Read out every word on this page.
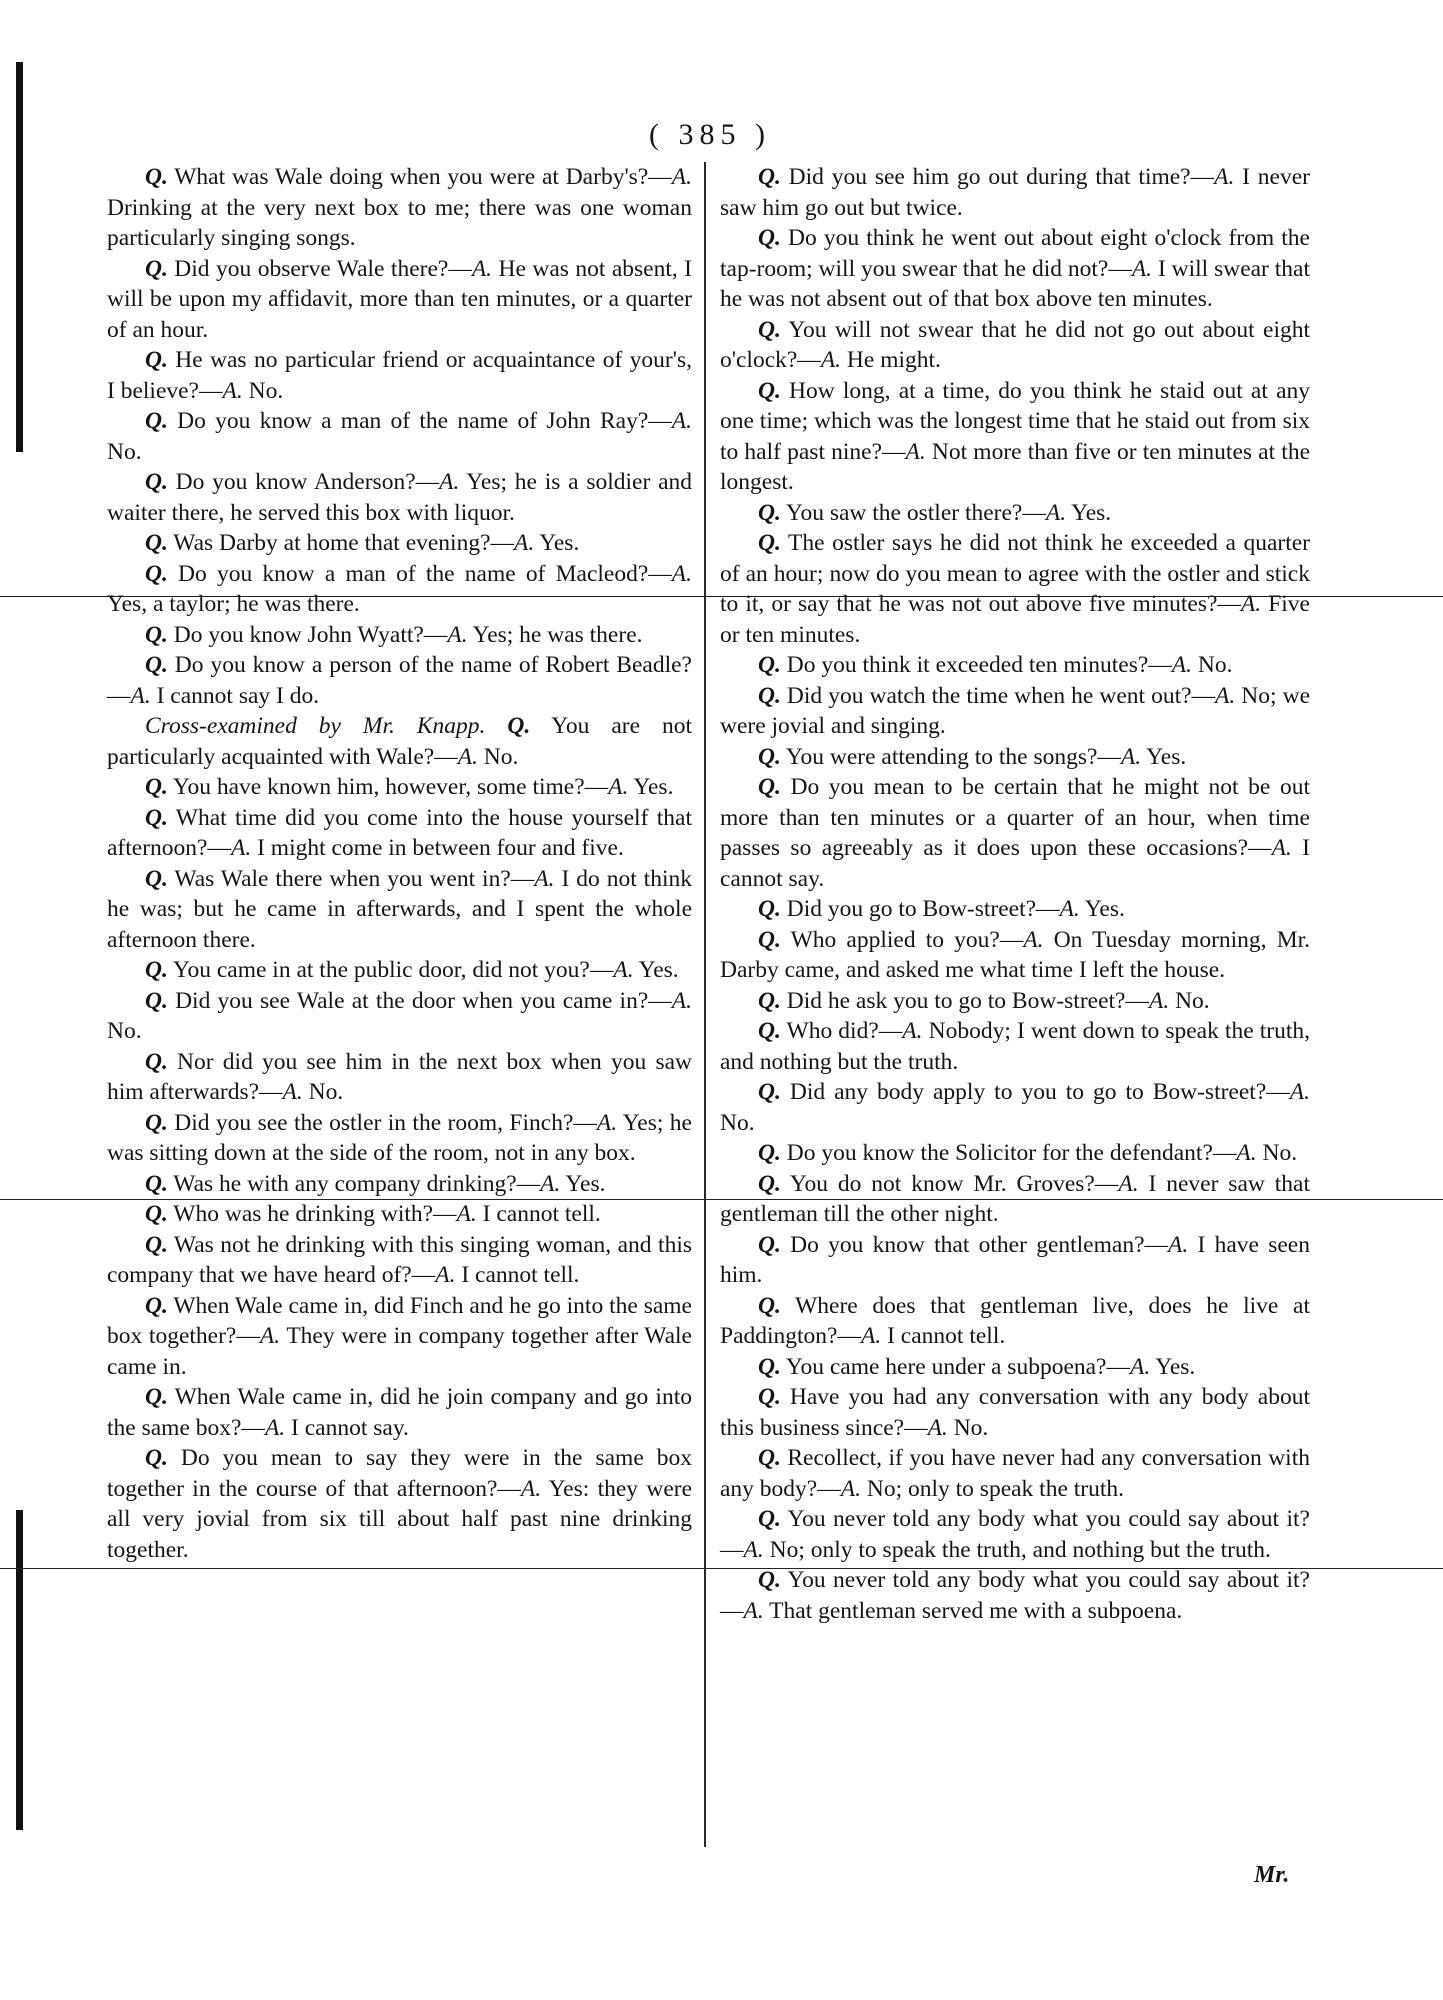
( 385 )

Q. What was Wale doing when you were at Darby's?—A. Drinking at the very next box to me; there was one woman particularly singing songs.

Q. Did you observe Wale there?—A. He was not absent, I will be upon my affidavit, more than ten minutes, or a quarter of an hour.

Q. He was no particular friend or acquaintance of your's, I believe?—A. No.

Q. Do you know a man of the name of John Ray?—A. No.

Q. Do you know Anderson?—A. Yes; he is a soldier and waiter there, he served this box with liquor.

Q. Was Darby at home that evening?—A. Yes.

Q. Do you know a man of the name of Macleod?—A. Yes, a taylor; he was there.

Q. Do you know John Wyatt?—A. Yes; he was there.

Q. Do you know a person of the name of Robert Beadle?—A. I cannot say I do.

Cross-examined by Mr. Knapp. Q. You are not particularly acquainted with Wale?—A. No.

Q. You have known him, however, some time?—A. Yes.

Q. What time did you come into the house yourself that afternoon?—A. I might come in between four and five.

Q. Was Wale there when you went in?—A. I do not think he was; but he came in afterwards, and I spent the whole afternoon there.

Q. You came in at the public door, did not you?—A. Yes.

Q. Did you see Wale at the door when you came in?—A. No.

Q. Nor did you see him in the next box when you saw him afterwards?—A. No.

Q. Did you see the ostler in the room, Finch?—A. Yes; he was sitting down at the side of the room, not in any box.

Q. Was he with any company drinking?—A. Yes.

Q. Who was he drinking with?—A. I cannot tell.

Q. Was not he drinking with this singing woman, and this company that we have heard of?—A. I cannot tell.

Q. When Wale came in, did Finch and he go into the same box together?—A. They were in company together after Wale came in.

Q. When Wale came in, did he join company and go into the same box?—A. I cannot say.

Q. Do you mean to say they were in the same box together in the course of that afternoon?—A. Yes: they were all very jovial from six till about half past nine drinking together.

Q. Did you see him go out during that time?—A. I never saw him go out but twice.

Q. Do you think he went out about eight o'clock from the tap-room; will you swear that he did not?—A. I will swear that he was not absent out of that box above ten minutes.

Q. You will not swear that he did not go out about eight o'clock?—A. He might.

Q. How long, at a time, do you think he staid out at any one time; which was the longest time that he staid out from six to half past nine?—A. Not more than five or ten minutes at the longest.

Q. You saw the ostler there?—A. Yes.

Q. The ostler says he did not think he exceeded a quarter of an hour; now do you mean to agree with the ostler and stick to it, or say that he was not out above five minutes?—A. Five or ten minutes.

Q. Do you think it exceeded ten minutes?—A. No.

Q. Did you watch the time when he went out?—A. No; we were jovial and singing.

Q. You were attending to the songs?—A. Yes.

Q. Do you mean to be certain that he might not be out more than ten minutes or a quarter of an hour, when time passes so agreeably as it does upon these occasions?—A. I cannot say.

Q. Did you go to Bow-street?—A. Yes.

Q. Who applied to you?—A. On Tuesday morning, Mr. Darby came, and asked me what time I left the house.

Q. Did he ask you to go to Bow-street?—A. No.

Q. Who did?—A. Nobody; I went down to speak the truth, and nothing but the truth.

Q. Did any body apply to you to go to Bow-street?—A. No.

Q. Do you know the Solicitor for the defendant?—A. No.

Q. You do not know Mr. Groves?—A. I never saw that gentleman till the other night.

Q. Do you know that other gentleman?—A. I have seen him.

Q. Where does that gentleman live, does he live at Paddington?—A. I cannot tell.

Q. You came here under a subpoena?—A. Yes.

Q. Have you had any conversation with any body about this business since?—A. No.

Q. Recollect, if you have never had any conversation with any body?—A. No; only to speak the truth.

Q. You never told any body what you could say about it?—A. No; only to speak the truth, and nothing but the truth.

Q. You never told any body what you could say about it?—A. That gentleman served me with a subpoena.

Mr.
